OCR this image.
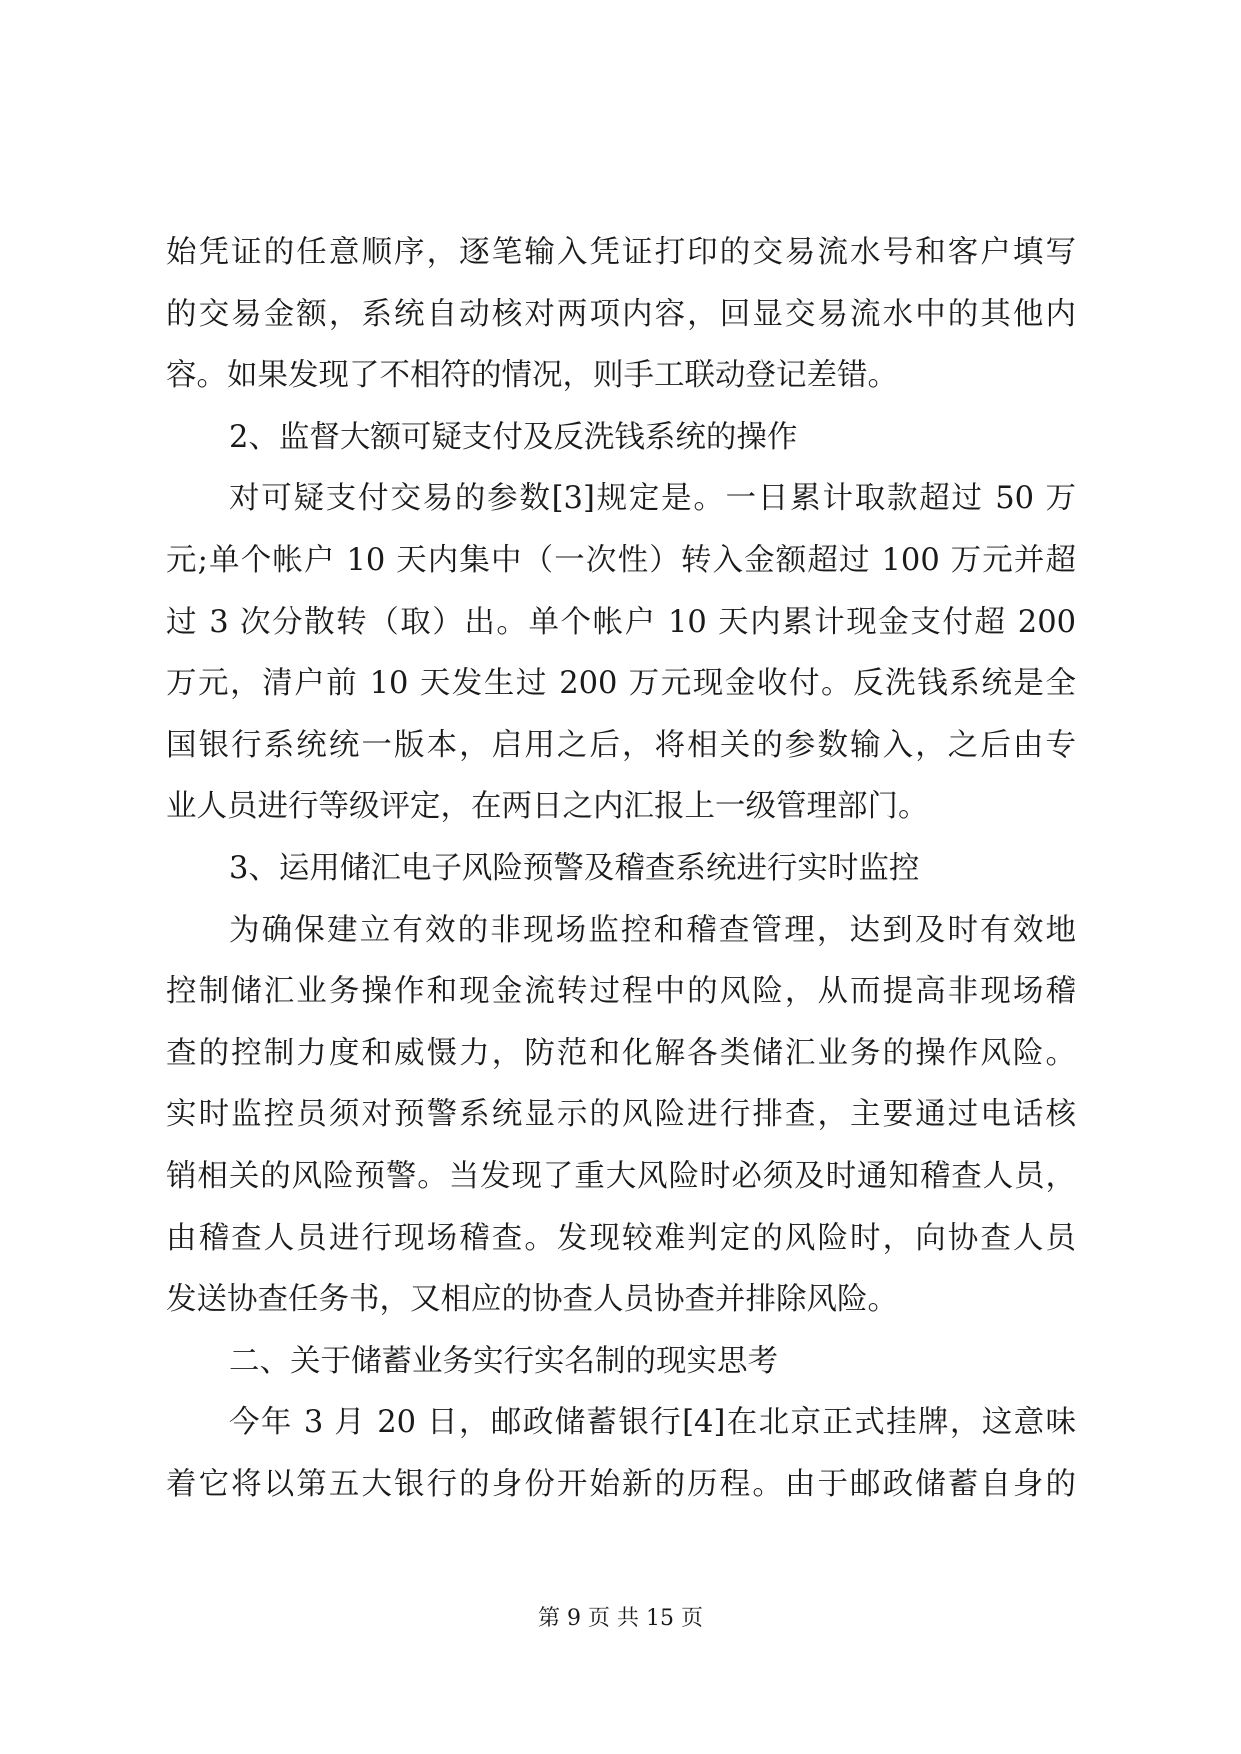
始凭证的任意顺序，逐笔输入凭证打印的交易流水号和客户填写
的交易金额，系统自动核对两项内容，回显交易流水中的其他内
容。如果发现了不相符的情况，则手工联动登记差错。
2、监督大额可疑支付及反洗钱系统的操作
对可疑支付交易的参数[3]规定是。一日累计取款超过 50 万
元;单个帐户 10 天内集中（一次性）转入金额超过 100 万元并超
过 3 次分散转（取）出。单个帐户 10 天内累计现金支付超 200
万元，清户前 10 天发生过 200 万元现金收付。反洗钱系统是全
国银行系统统一版本，启用之后，将相关的参数输入，之后由专
业人员进行等级评定，在两日之内汇报上一级管理部门。
3、运用储汇电子风险预警及稽查系统进行实时监控
为确保建立有效的非现场监控和稽查管理，达到及时有效地
控制储汇业务操作和现金流转过程中的风险，从而提高非现场稽
查的控制力度和威慑力，防范和化解各类储汇业务的操作风险。
实时监控员须对预警系统显示的风险进行排查，主要通过电话核
销相关的风险预警。当发现了重大风险时必须及时通知稽查人员，
由稽查人员进行现场稽查。发现较难判定的风险时，向协查人员
发送协查任务书，又相应的协查人员协查并排除风险。
二、关于储蓄业务实行实名制的现实思考
今年 3 月 20 日，邮政储蓄银行[4]在北京正式挂牌，这意味
着它将以第五大银行的身份开始新的历程。由于邮政储蓄自身的
第 9 页 共 15 页
